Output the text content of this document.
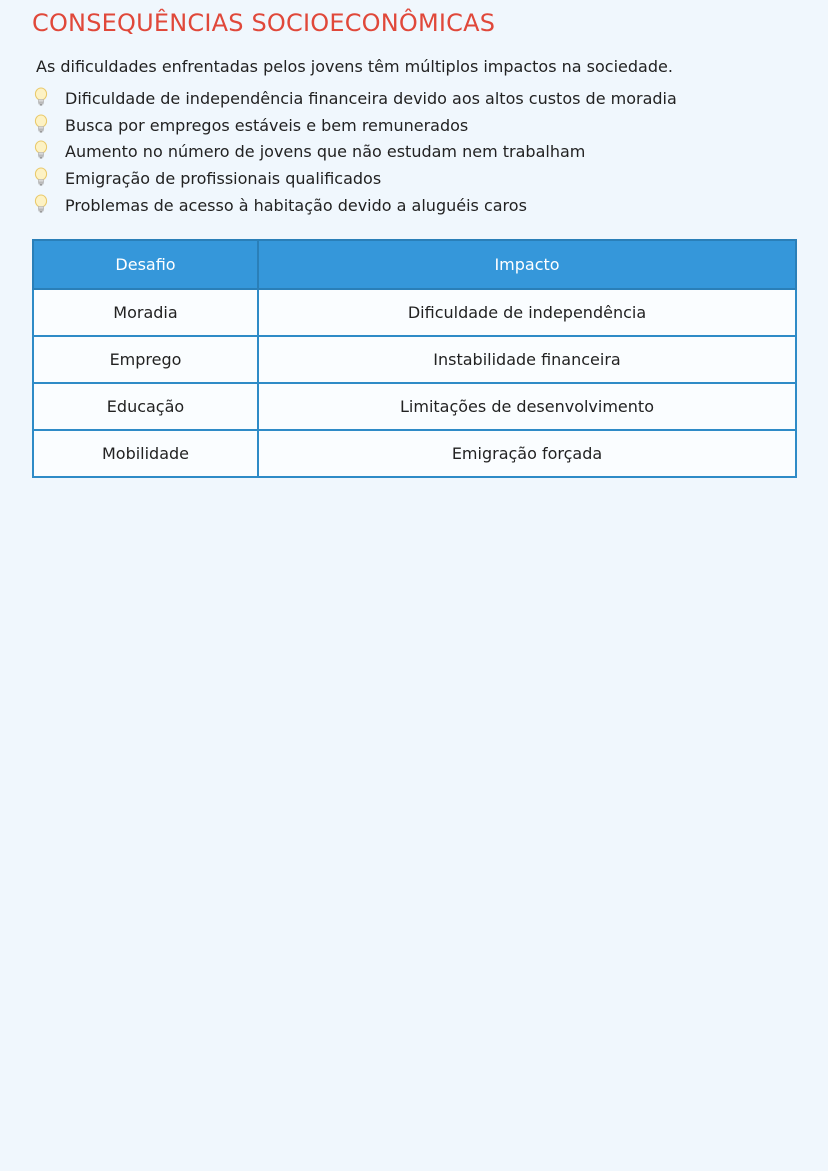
CONSEQUÊNCIAS SOCIOECONÔMICAS

As dificuldades enfrentadas pelos jovens têm múltiplos impactos na sociedade.

Dificuldade de independência financeira devido aos altos custos de moradia
Busca por empregos estáveis e bem remunerados
Aumento no número de jovens que não estudam nem trabalham
Emigração de profissionais qualificados
Problemas de acesso à habitação devido a aluguéis caros
Desafio	Impacto
Moradia	Dificuldade de independência
Emprego	Instabilidade financeira
Educação	Limitações de desenvolvimento
Mobilidade	Emigração forçada
